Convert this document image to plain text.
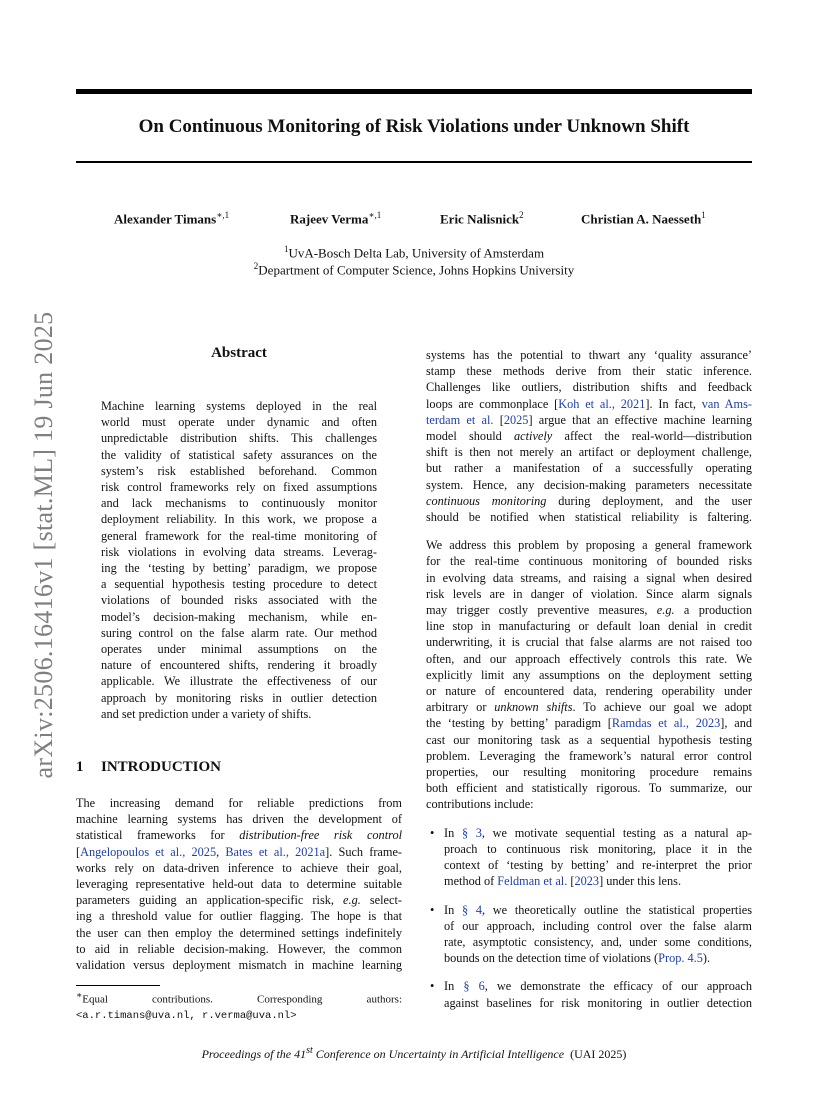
On Continuous Monitoring of Risk Violations under Unknown Shift
Alexander Timans$^{∗,1}$	Rajeev Verma$^{∗,1}$	Eric Nalisnick$^2$	Christian A. Naesseth$^1$
$^1$UvA-Bosch Delta Lab, University of Amsterdam
$^2$Department of Computer Science, Johns Hopkins University
arXiv:2506.16416v1 [stat.ML] 19 Jun 2025	Abstract
Machine learning systems deployed in the real
world must operate under dynamic and often
unpredictable distribution shifts. This challenges
the validity of statistical safety assurances on the
system’s risk established beforehand. Common
risk control frameworks rely on fixed assumptions
and lack mechanisms to continuously monitor
deployment reliability. In this work, we propose a
general framework for the real-time monitoring of
risk violations in evolving data streams. Leverag-
ing the ‘testing by betting’ paradigm, we propose
a sequential hypothesis testing procedure to detect
violations of bounded risks associated with the
model’s decision-making mechanism, while en-
suring control on the false alarm rate. Our method
operates under minimal assumptions on the
nature of encountered shifts, rendering it broadly
applicable. We illustrate the effectiveness of our
approach by monitoring risks in outlier detection
and set prediction under a variety of shifts.
1 INTRODUCTION
The increasing demand for reliable predictions from
machine learning systems has driven the development of
statistical frameworks for distribution-free risk control
[Angelopoulos et al., 2025, Bates et al., 2021a]. Such frame-
works rely on data-driven inference to achieve their goal,
leveraging representative held-out data to determine suitable
parameters guiding an application-specific risk, e.g. select-
ing a threshold value for outlier flagging. The hope is that
the user can then employ the determined settings indefinitely
to aid in reliable decision-making. However, the common
validation versus deployment mismatch in machine learning
∗Equal contributions. Corresponding authors:
<a.r.timans@uva.nl, r.verma@uva.nl>
systems has the potential to thwart any ‘quality assurance’
stamp these methods derive from their static inference.
Challenges like outliers, distribution shifts and feedback
loops are commonplace [Koh et al., 2021]. In fact, van Ams-
terdam et al. [2025] argue that an effective machine learning
model should actively affect the real-world—distribution
shift is then not merely an artifact or deployment challenge,
but rather a manifestation of a successfully operating
system. Hence, any decision-making parameters necessitate
continuous monitoring during deployment, and the user
should be notified when statistical reliability is faltering.
We address this problem by proposing a general framework
for the real-time continuous monitoring of bounded risks
in evolving data streams, and raising a signal when desired
risk levels are in danger of violation. Since alarm signals
may trigger costly preventive measures, e.g. a production
line stop in manufacturing or default loan denial in credit
underwriting, it is crucial that false alarms are not raised too
often, and our approach effectively controls this rate. We
explicitly limit any assumptions on the deployment setting
or nature of encountered data, rendering operability under
arbitrary or unknown shifts. To achieve our goal we adopt
the ‘testing by betting’ paradigm [Ramdas et al., 2023], and
cast our monitoring task as a sequential hypothesis testing
problem. Leveraging the framework’s natural error control
properties, our resulting monitoring procedure remains
both efficient and statistically rigorous. To summarize, our
contributions include:
• In § 3, we motivate sequential testing as a natural ap-
proach to continuous risk monitoring, place it in the
context of ‘testing by betting’ and re-interpret the prior
method of Feldman et al. [2023] under this lens.
• In § 4, we theoretically outline the statistical properties
of our approach, including control over the false alarm
rate, asymptotic consistency, and, under some conditions,
bounds on the detection time of violations (Prop. 4.5).
• In § 6, we demonstrate the efficacy of our approach
against baselines for risk monitoring in outlier detection
Proceedings of the 41st Conference on Uncertainty in Artificial Intelligence (UAI 2025)
